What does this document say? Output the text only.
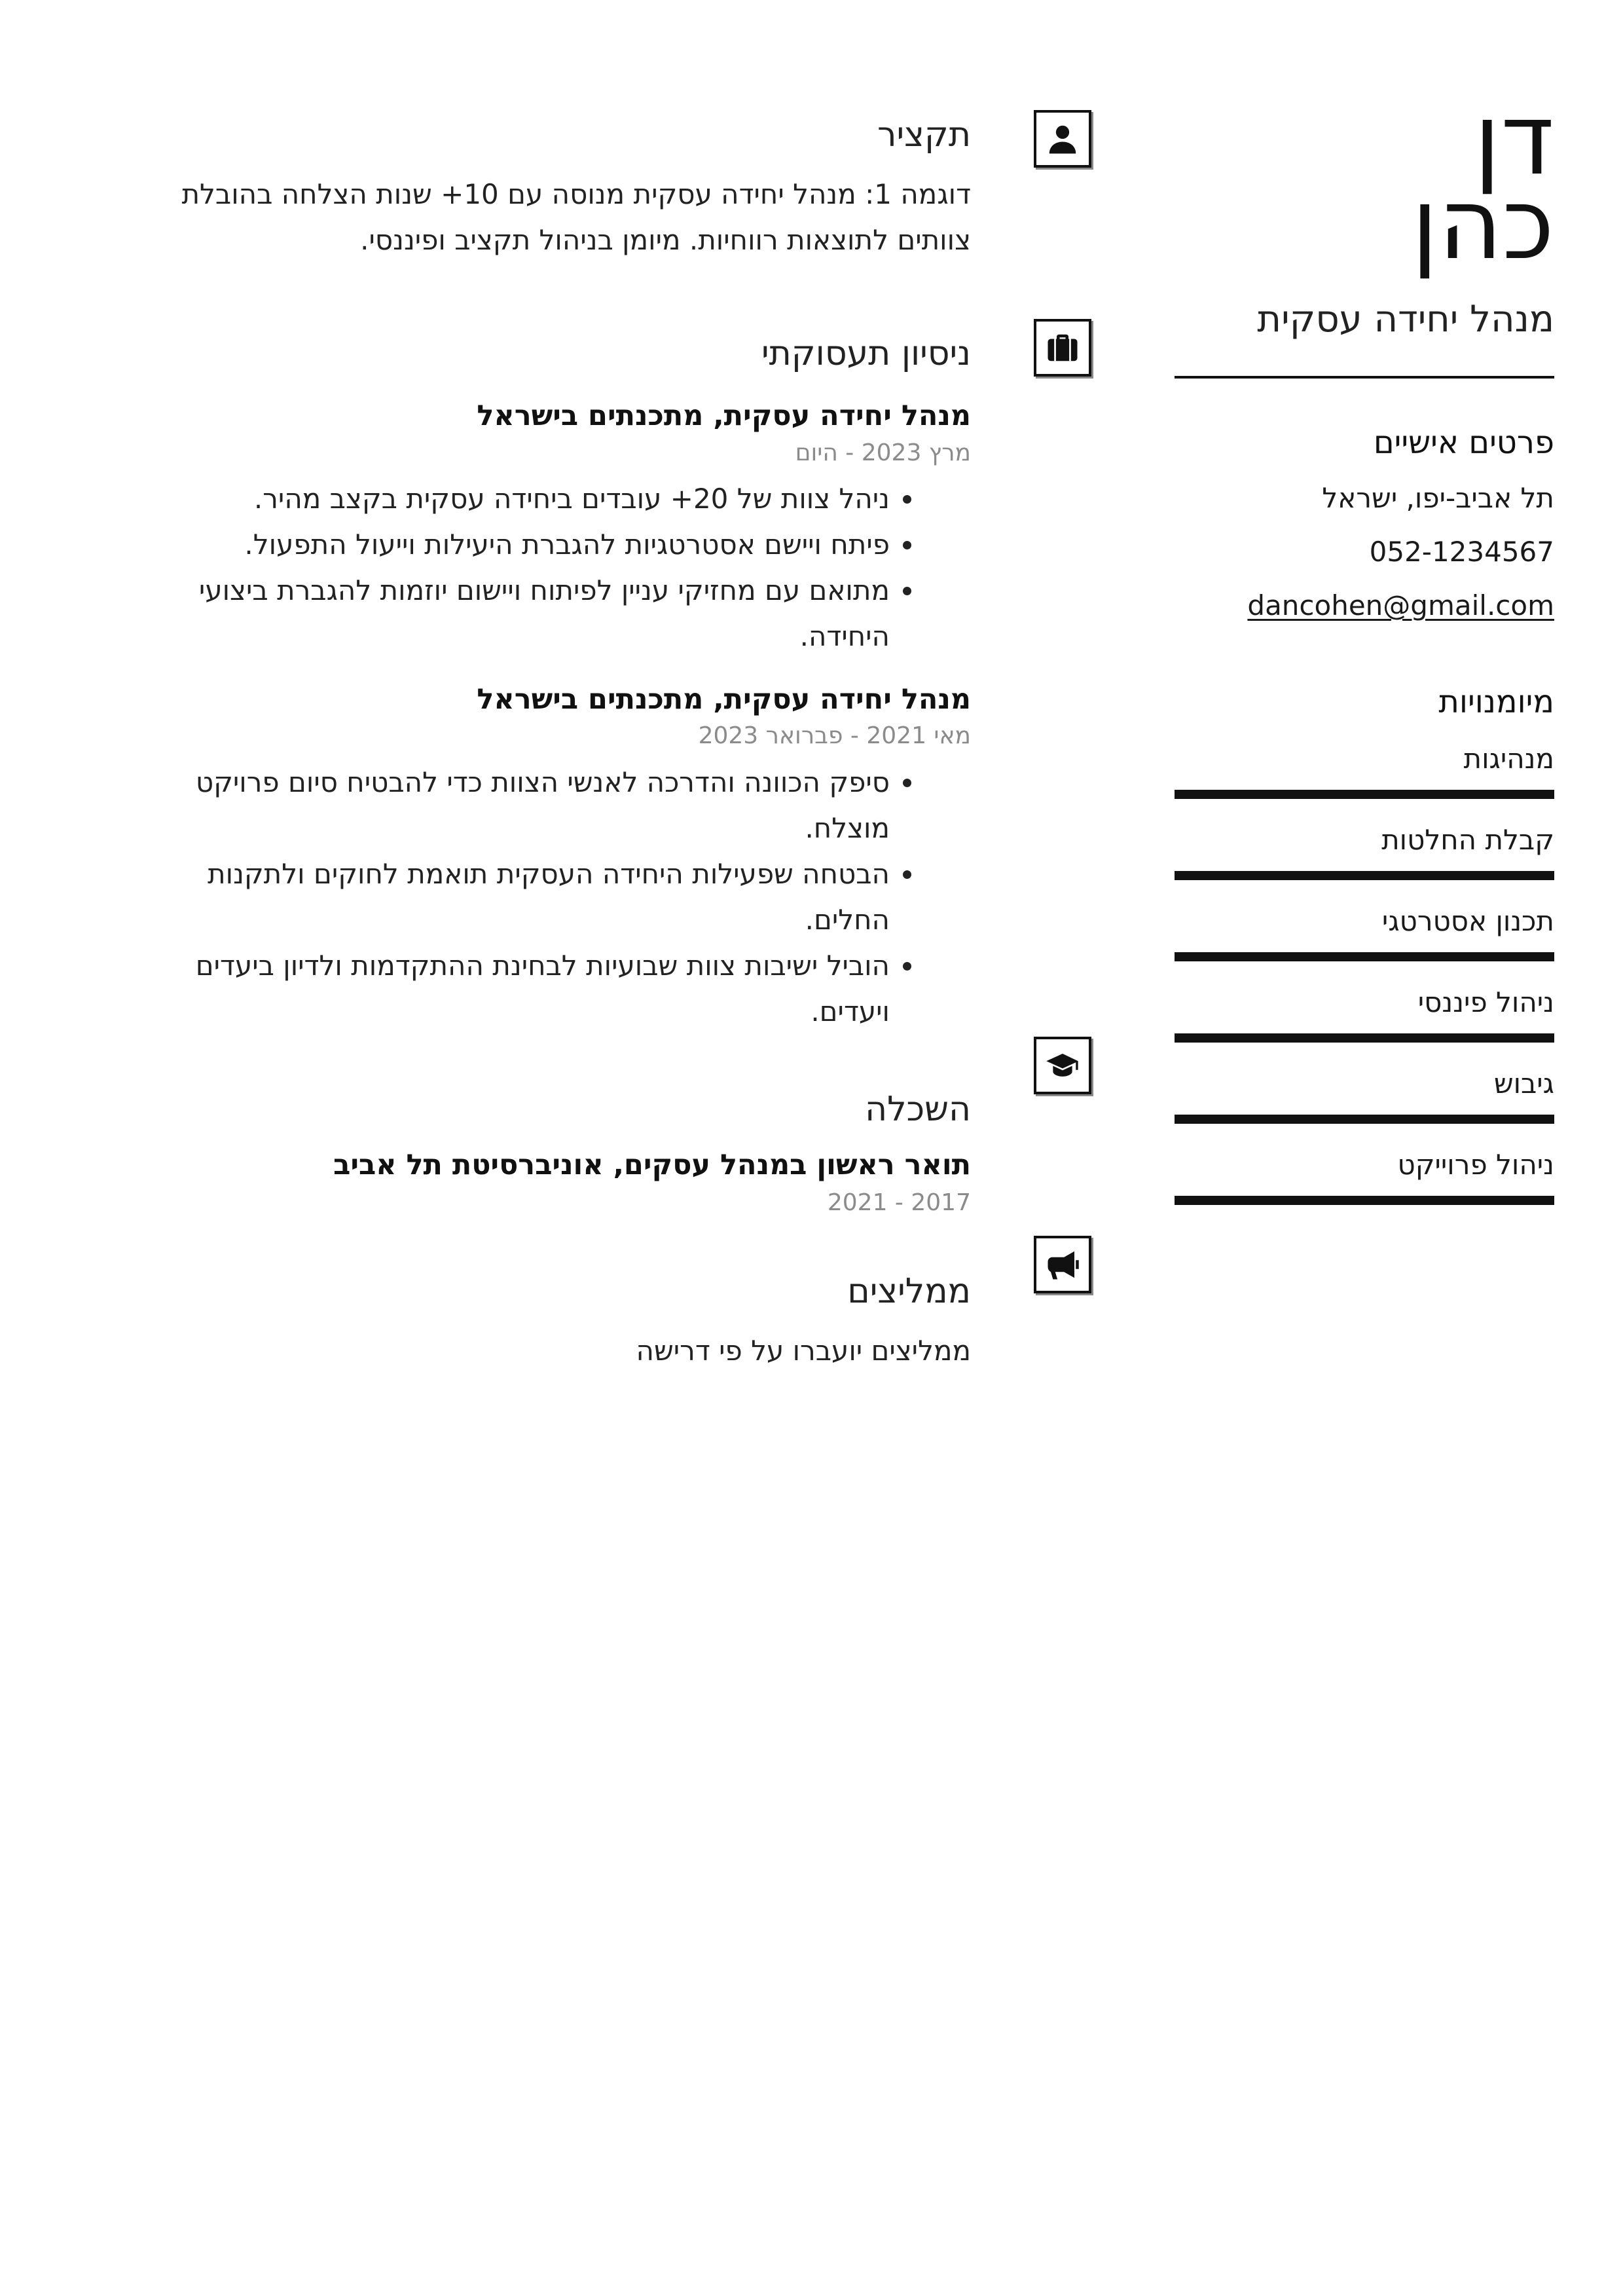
דן
כהן
מנהל יחידה עסקית
פרטים אישיים
תל אביב-יפו, ישראל
052-1234567
dancohen@gmail.com
מיומנויות
מנהיגות
קבלת החלטות
תכנון אסטרטגי
ניהול פיננסי
גיבוש
ניהול פרוייקט
תקציר

דוגמה 1: מנהל יחידה עסקית מנוסה עם 10+ שנות הצלחה בהובלת צוותים לתוצאות רווחיות. מיומן בניהול תקציב ופיננסי.

ניסיון תעסוקתי
מנהל יחידה עסקית, מתכנתים בישראל
מרץ 2023 - היום
• ניהל צוות של 20+ עובדים ביחידה עסקית בקצב מהיר.
• פיתח ויישם אסטרטגיות להגברת היעילות וייעול התפעול.
• מתואם עם מחזיקי עניין לפיתוח ויישום יוזמות להגברת ביצועי היחידה.
מנהל יחידה עסקית, מתכנתים בישראל
מאי 2021 - פברואר 2023
• סיפק הכוונה והדרכה לאנשי הצוות כדי להבטיח סיום פרויקט מוצלח.
• הבטחה שפעילות היחידה העסקית תואמת לחוקים ולתקנות החלים.
• הוביל ישיבות צוות שבועיות לבחינת ההתקדמות ולדיון ביעדים ויעדים.
השכלה
תואר ראשון במנהל עסקים, אוניברסיטת תל אביב
2017 - 2021
ממליצים
ממליצים יועברו על פי דרישה
